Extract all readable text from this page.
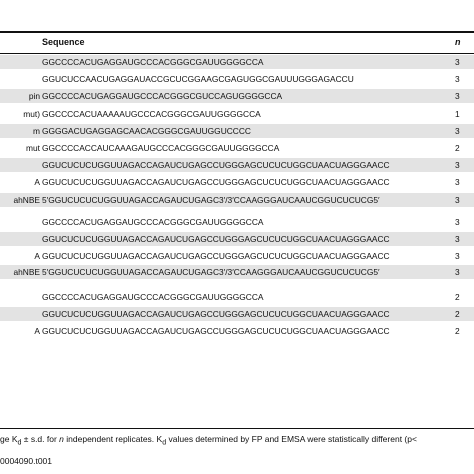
Sequence	n
GGCCCCACUGAGGAUGCCCACGGGCGAUUGGGGCCA	3
GGUCUCCAACUGAGGAUACCGCUCGGAAGCGAGUGGCGAUUUGGGAGACCU	3
pin GGCCCCACUGAGGAUGCCCACGGGCGUCCAGUGGGGCCA	3
mut) GGCCCCACUAAAAAUGCCCACGGGCGAUUGGGGCCA	1
m GGGGACUGAGGAGCAACACGGGCGAUUGGUCCCC	3
mut GGCCCCACCAUCAAAGAUGCCCACGGGCGAUUGGGGCCA	2
GGUCUCUCUGGUUAGACCAGAUCUGAGCCUGGGAGCUCUCUGGCUAACUAGGGAACC	3
A GGUCUCUCUGGUUAGACCAGAUCUGAGCCUGGGAGCUCUCUGGCUAACUAGGGAACC	3
ahNBE 5′GGUCUCUCUGGUUAGACCAGAUCUGAGC3′/3′CCAAGGGAUCAAUCGGUCUCUCG5′	3
GGCCCCACUGAGGAUGCCCACGGGCGAUUGGGGCCA	3
GGUCUCUCUGGUUAGACCAGAUCUGAGCCUGGGAGCUCUCUGGCUAACUAGGGAACC	3
A GGUCUCUCUGGUUAGACCAGAUCUGAGCCUGGGAGCUCUCUGGCUAACUAGGGAACC	3
ahNBE 5′GGUCUCUCUGGUUAGACCAGAUCUGAGC3′/3′CCAAGGGAUCAAUCGGUCUCUCG5′	3
GGCCCCACUGAGGAUGCCCACGGGCGAUUGGGGCCA	2
GGUCUCUCUGGUUAGACCAGAUCUGAGCCUGGGAGCUCUCUGGCUAACUAGGGAACC	2
A GGUCUCUCUGGUUAGACCAGAUCUGAGCCUGGGAGCUCUCUGGCUAACUAGGGAACC	2
ge $K_d \pm s.d$. for n independent replicates. $K_d$ values determined by FP and EMSA were statistically different (p<
0004090.t001
